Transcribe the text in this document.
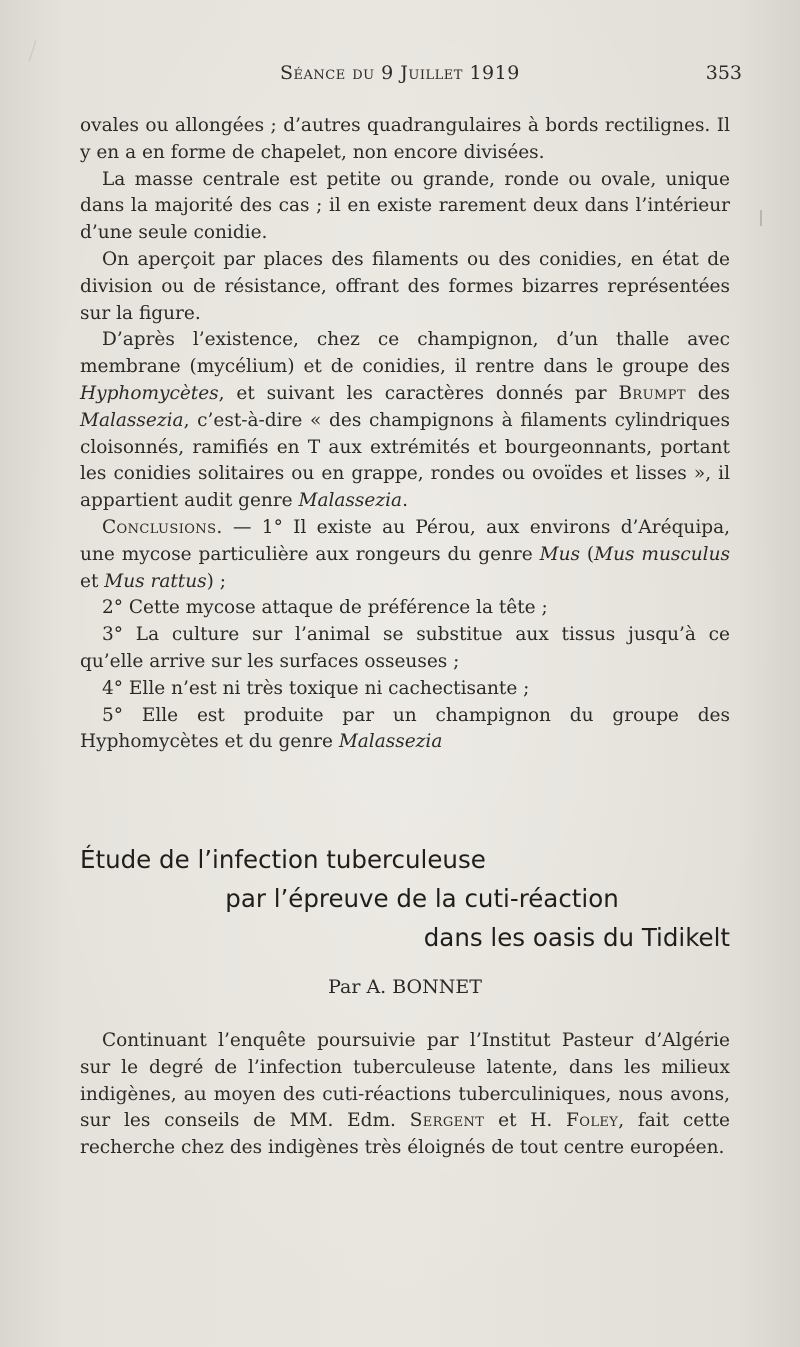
Séance du 9 Juillet 1919	353

ovales ou allongées ; d’autres quadrangulaires à bords rectilignes. Il y en a en forme de chapelet, non encore divisées.

La masse centrale est petite ou grande, ronde ou ovale, unique dans la majorité des cas ; il en existe rarement deux dans l’intérieur d’une seule conidie.

On aperçoit par places des filaments ou des conidies, en état de division ou de résistance, offrant des formes bizarres représentées sur la figure.

D’après l’existence, chez ce champignon, d’un thalle avec membrane (mycélium) et de conidies, il rentre dans le groupe des Hyphomycètes, et suivant les caractères donnés par Brumpt des Malassezia, c’est-à-dire « des champignons à filaments cylindriques cloisonnés, ramifiés en T aux extrémités et bourgeonnants, portant les conidies solitaires ou en grappe, rondes ou ovoïdes et lisses », il appartient audit genre Malassezia.

Conclusions. — 1° Il existe au Pérou, aux environs d’Aréquipa, une mycose particulière aux rongeurs du genre Mus (Mus musculus et Mus rattus) ;

2° Cette mycose attaque de préférence la tête ;

3° La culture sur l’animal se substitue aux tissus jusqu’à ce qu’elle arrive sur les surfaces osseuses ;

4° Elle n’est ni très toxique ni cachectisante ;

5° Elle est produite par un champignon du groupe des Hyphomycètes et du genre Malassezia

Étude de l’infection tuberculeuse
par l’épreuve de la cuti-réaction
dans les oasis du Tidikelt
Par A. BONNET

Continuant l’enquête poursuivie par l’Institut Pasteur d’Algérie sur le degré de l’infection tuberculeuse latente, dans les milieux indigènes, au moyen des cuti-réactions tuberculiniques, nous avons, sur les conseils de MM. Edm. Sergent et H. Foley, fait cette recherche chez des indigènes très éloignés de tout centre européen.
